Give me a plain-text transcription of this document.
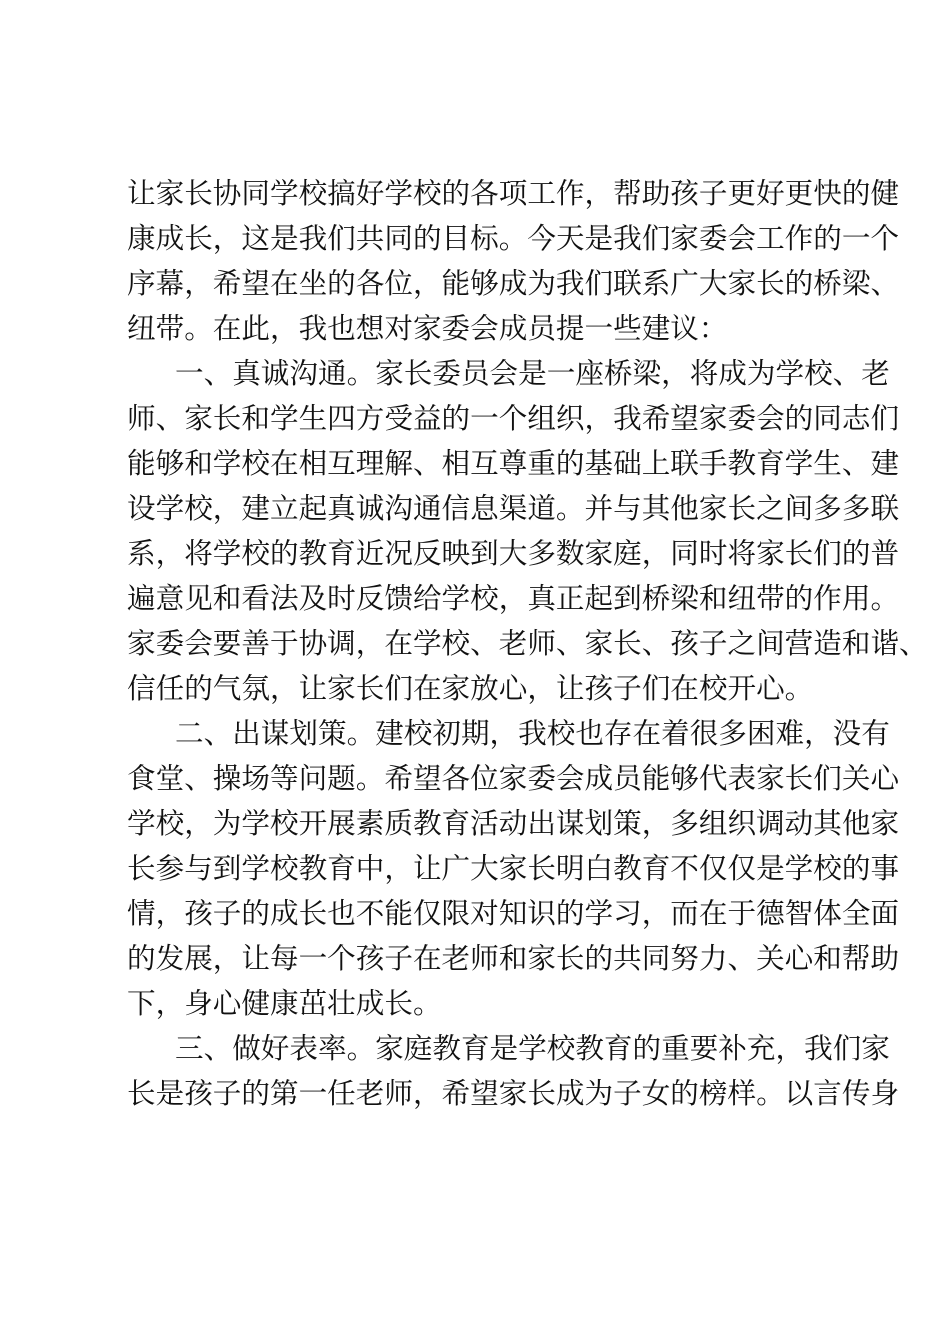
让家长协同学校搞好学校的各项工作，帮助孩子更好更快的健
康成长，这是我们共同的目标。今天是我们家委会工作的一个
序幕，希望在坐的各位，能够成为我们联系广大家长的桥梁、
纽带。在此，我也想对家委会成员提一些建议：
一、真诚沟通。家长委员会是一座桥梁，将成为学校、老
师、家长和学生四方受益的一个组织，我希望家委会的同志们
能够和学校在相互理解、相互尊重的基础上联手教育学生、建
设学校，建立起真诚沟通信息渠道。并与其他家长之间多多联
系，将学校的教育近况反映到大多数家庭，同时将家长们的普
遍意见和看法及时反馈给学校，真正起到桥梁和纽带的作用。
家委会要善于协调，在学校、老师、家长、孩子之间营造和谐、
信任的气氛，让家长们在家放心，让孩子们在校开心。
二、出谋划策。建校初期，我校也存在着很多困难，没有
食堂、操场等问题。希望各位家委会成员能够代表家长们关心
学校，为学校开展素质教育活动出谋划策，多组织调动其他家
长参与到学校教育中，让广大家长明白教育不仅仅是学校的事
情，孩子的成长也不能仅限对知识的学习，而在于德智体全面
的发展，让每一个孩子在老师和家长的共同努力、关心和帮助
下，身心健康茁壮成长。
三、做好表率。家庭教育是学校教育的重要补充，我们家
长是孩子的第一任老师，希望家长成为子女的榜样。以言传身
